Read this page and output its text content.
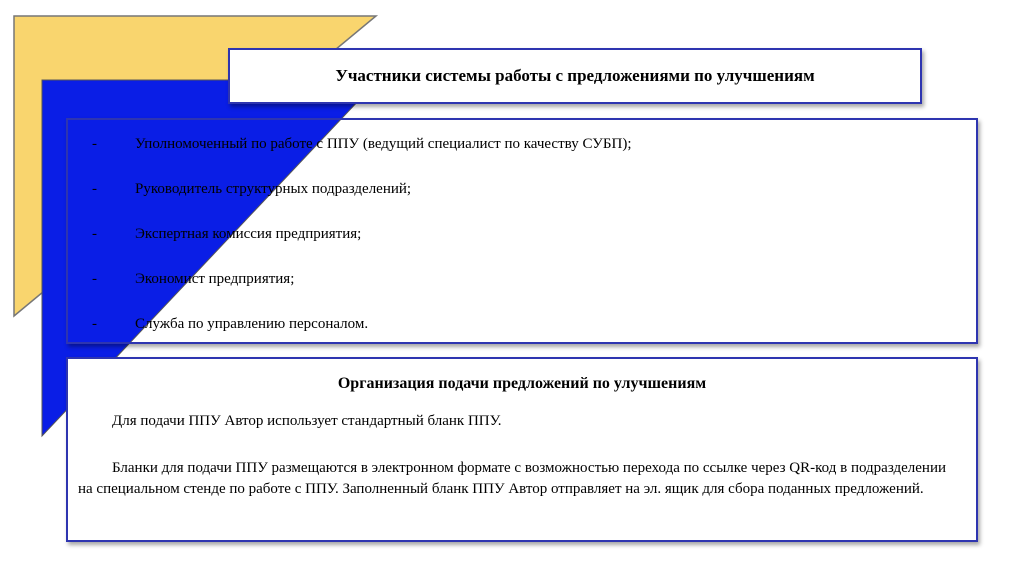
-	Уполномоченный по работе с ППУ (ведущий специалист по качеству СУБП);
-	Руководитель структурных подразделений;
-	Экспертная комиссия предприятия;
-	Экономист предприятия;
-	Служба по управлению персоналом.
Участники системы работы с предложениями по улучшениям
Организация подачи предложений по улучшениям
Для подачи ППУ Автор использует стандартный бланк ППУ.
Бланки для подачи ППУ размещаются в электронном формате с возможностью перехода по ссылке через QR-код в подразделении на специальном стенде по работе с ППУ. Заполненный бланк ППУ Автор отправляет на эл. ящик для сбора поданных предложений.
